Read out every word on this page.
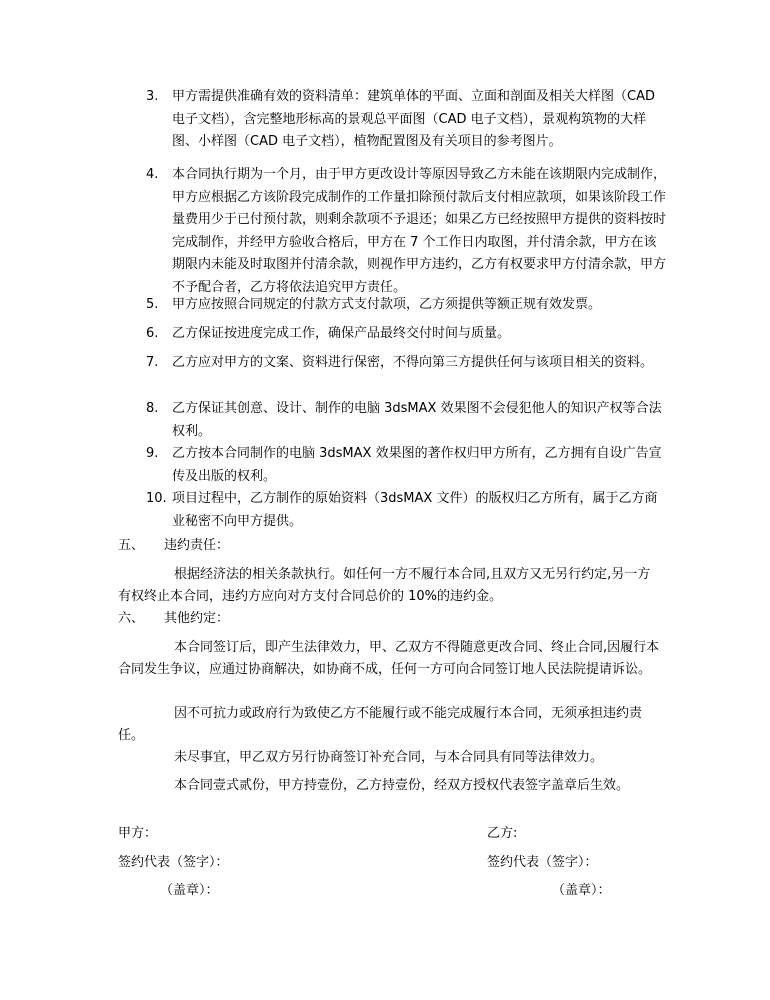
3. 甲方需提供准确有效的资料清单：建筑单体的平面、立面和剖面及相关大样图（CAD 电子文档），含完整地形标高的景观总平面图（CAD 电子文档），景观构筑物的大样图、小样图（CAD 电子文档），植物配置图及有关项目的参考图片。
4. 本合同执行期为一个月，由于甲方更改设计等原因导致乙方未能在该期限内完成制作，甲方应根据乙方该阶段完成制作的工作量扣除预付款后支付相应款项，如果该阶段工作量费用少于已付预付款，则剩余款项不予退还；如果乙方已经按照甲方提供的资料按时完成制作，并经甲方验收合格后，甲方在 7 个工作日内取图，并付清余款，甲方在该期限内未能及时取图并付清余款，则视作甲方违约，乙方有权要求甲方付清余款，甲方不予配合者，乙方将依法追究甲方责任。
5. 甲方应按照合同规定的付款方式支付款项，乙方须提供等额正规有效发票。
6. 乙方保证按进度完成工作，确保产品最终交付时间与质量。
7. 乙方应对甲方的文案、资料进行保密，不得向第三方提供任何与该项目相关的资料。
8. 乙方保证其创意、设计、制作的电脑 3dsMAX 效果图不会侵犯他人的知识产权等合法权利。
9. 乙方按本合同制作的电脑 3dsMAX 效果图的著作权归甲方所有，乙方拥有自设广告宣传及出版的权利。
10. 项目过程中，乙方制作的原始资料（3dsMAX 文件）的版权归乙方所有，属于乙方商业秘密不向甲方提供。
五、 违约责任：
根据经济法的相关条款执行。如任何一方不履行本合同,且双方又无另行约定,另一方有权终止本合同，违约方应向对方支付合同总价的 10%的违约金。
六、 其他约定：
本合同签订后，即产生法律效力，甲、乙双方不得随意更改合同、终止合同,因履行本合同发生争议，应通过协商解决，如协商不成，任何一方可向合同签订地人民法院提请诉讼。
因不可抗力或政府行为致使乙方不能履行或不能完成履行本合同，无须承担违约责任。
未尽事宜，甲乙双方另行协商签订补充合同，与本合同具有同等法律效力。
本合同壹式贰份，甲方持壹份，乙方持壹份，经双方授权代表签字盖章后生效。
甲方：	乙方:
签约代表（签字）：	签约代表（签字）：
（盖章）：	（盖章）：
